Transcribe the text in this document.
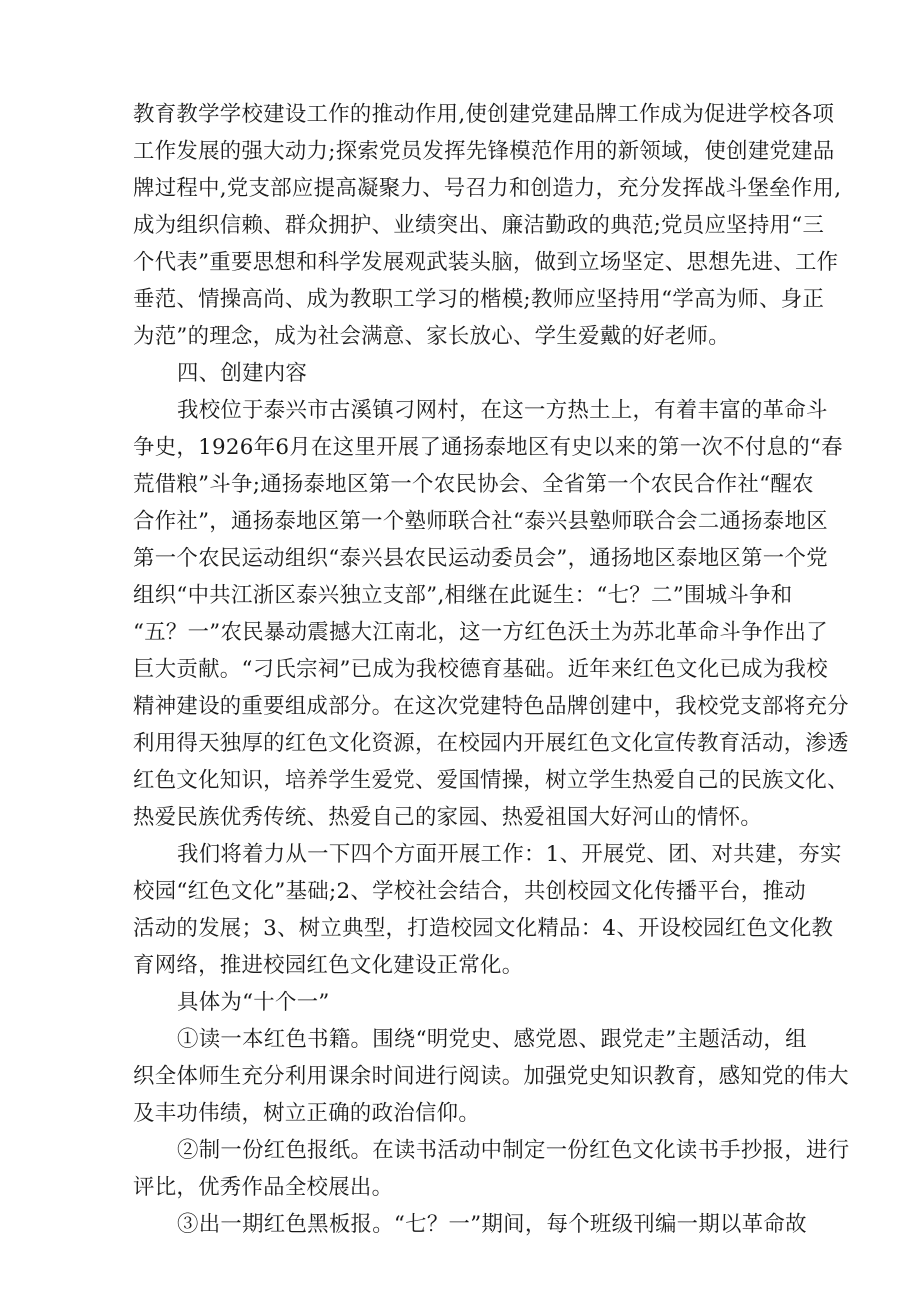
教育教学学校建设工作的推动作用,使创建党建品牌工作成为促进学校各项
工作发展的强大动力;探索党员发挥先锋模范作用的新领域，使创建党建品
牌过程中,党支部应提高凝聚力、号召力和创造力，充分发挥战斗堡垒作用,
成为组织信赖、群众拥护、业绩突出、廉洁勤政的典范;党员应坚持用“三
个代表”重要思想和科学发展观武装头脑，做到立场坚定、思想先进、工作
垂范、情操高尚、成为教职工学习的楷模;教师应坚持用“学高为师、身正
为范”的理念，成为社会满意、家长放心、学生爱戴的好老师。
四、创建内容
我校位于泰兴市古溪镇刁网村，在这一方热土上，有着丰富的革命斗
争史，1926年6月在这里开展了通扬泰地区有史以来的第一次不付息的“春
荒借粮”斗争;通扬泰地区第一个农民协会、全省第一个农民合作社“醒农
合作社”，通扬泰地区第一个塾师联合社“泰兴县塾师联合会二通扬泰地区
第一个农民运动组织“泰兴县农民运动委员会”，通扬地区泰地区第一个党
组织“中共江浙区泰兴独立支部”,相继在此诞生：“七？二”围城斗争和
“五？一”农民暴动震撼大江南北，这一方红色沃土为苏北革命斗争作出了
巨大贡献。“刁氏宗祠”已成为我校德育基础。近年来红色文化已成为我校
精神建设的重要组成部分。在这次党建特色品牌创建中，我校党支部将充分
利用得天独厚的红色文化资源，在校园内开展红色文化宣传教育活动，渗透
红色文化知识，培养学生爱党、爱国情操，树立学生热爱自己的民族文化、
热爱民族优秀传统、热爱自己的家园、热爱祖国大好河山的情怀。
我们将着力从一下四个方面开展工作：1、开展党、团、对共建，夯实
校园“红色文化”基础;2、学校社会结合，共创校园文化传播平台，推动
活动的发展；3、树立典型，打造校园文化精品：4、开设校园红色文化教
育网络，推进校园红色文化建设正常化。
具体为“十个一”
①读一本红色书籍。围绕“明党史、感党恩、跟党走”主题活动，组
织全体师生充分利用课余时间进行阅读。加强党史知识教育，感知党的伟大
及丰功伟绩，树立正确的政治信仰。
②制一份红色报纸。在读书活动中制定一份红色文化读书手抄报，进行
评比，优秀作品全校展出。
③出一期红色黑板报。“七？一”期间，每个班级刊编一期以革命故
